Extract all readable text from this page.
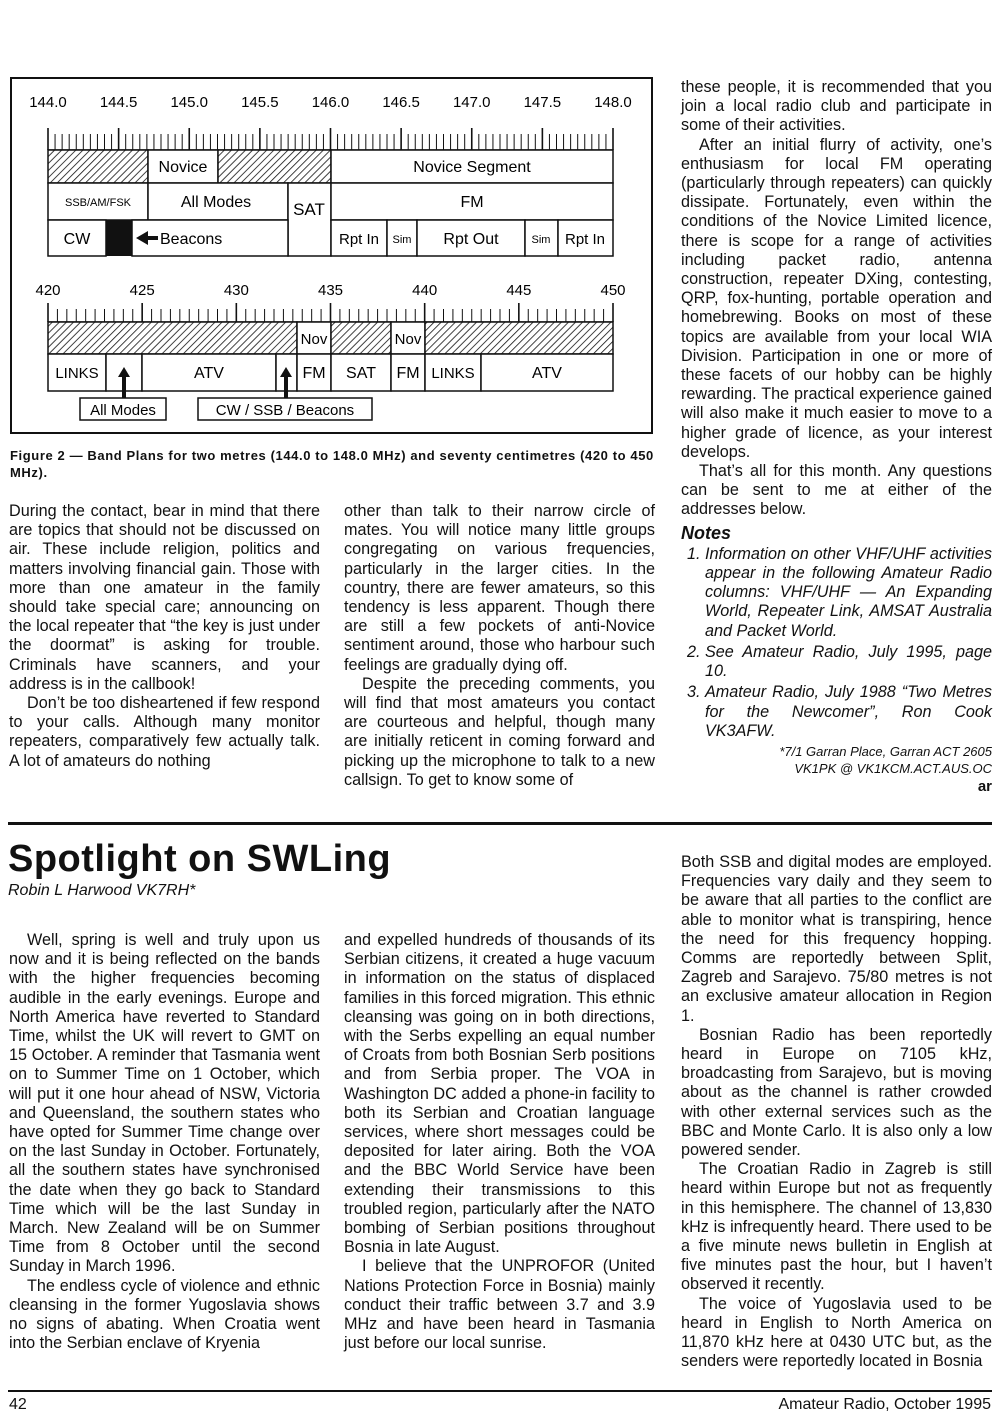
144.0 144.5 145.0 145.5 146.0 146.5 147.0 147.5 148.0
Novice	Novice Segment
SSB/AM/FSK	All Modes SAT	FM
CW	Beacons	Rpt In Sim Rpt Out	Sim Rpt In
420	425	430	435	440	445	450
Nov	Nov
LINKS	ATV	FM SAT FM LINKS	ATV
All Modes	CW / SSB / Beacons
Figure 2 — Band Plans for two metres (144.0 to 148.0 MHz) and seventy centimetres (420 to 450 MHz).

During the contact, bear in mind that there are topics that should not be discussed on air. These include religion, politics and matters involving financial gain. Those with more than one amateur in the family should take special care; announcing on the local repeater that “the key is just under the doormat” is asking for trouble. Criminals have scanners, and your address is in the callbook!

Don’t be too disheartened if few respond to your calls. Although many monitor repeaters, comparatively few actually talk. A lot of amateurs do nothing

other than talk to their narrow circle of mates. You will notice many little groups congregating on various frequencies, particularly in the larger cities. In the country, there are fewer amateurs, so this tendency is less apparent. Though there are still a few pockets of anti-Novice sentiment around, those who harbour such feelings are gradually dying off.

Despite the preceding comments, you will find that most amateurs you contact are courteous and helpful, though many are initially reticent in coming forward and picking up the microphone to talk to a new callsign. To get to know some of

these people, it is recommended that you join a local radio club and participate in some of their activities.

After an initial flurry of activity, one’s enthusiasm for local FM operating (particularly through repeaters) can quickly dissipate. Fortunately, even within the conditions of the Novice Limited licence, there is scope for a range of activities including packet radio, antenna construction, repeater DXing, contesting, QRP, fox-hunting, portable operation and homebrewing. Books on most of these topics are available from your local WIA Division. Participation in one or more of these facets of our hobby can be highly rewarding. The practical experience gained will also make it much easier to move to a higher grade of licence, as your interest develops.

That’s all for this month. Any questions can be sent to me at either of the addresses below.

Notes
1. Information on other VHF/UHF activities appear in the following Amateur Radio columns: VHF/UHF — An Expanding World, Repeater Link, AMSAT Australia and Packet World.
2. See Amateur Radio, July 1995, page 10.
3. Amateur Radio, July 1988 “Two Metres for the Newcomer”, Ron Cook VK3AFW.
*7/1 Garran Place, Garran ACT 2605
VK1PK @ VK1KCM.ACT.AUS.OC
ar
Spotlight on SWLing
Robin L Harwood VK7RH*

Well, spring is well and truly upon us now and it is being reflected on the bands with the higher frequencies becoming audible in the early evenings. Europe and North America have reverted to Standard Time, whilst the UK will revert to GMT on 15 October. A reminder that Tasmania went on to Summer Time on 1 October, which will put it one hour ahead of NSW, Victoria and Queensland, the southern states who have opted for Summer Time change over on the last Sunday in October. Fortunately, all the southern states have synchronised the date when they go back to Standard Time which will be the last Sunday in March. New Zealand will be on Summer Time from 8 October until the second Sunday in March 1996.

The endless cycle of violence and ethnic cleansing in the former Yugoslavia shows no signs of abating. When Croatia went into the Serbian enclave of Kryenia

and expelled hundreds of thousands of its Serbian citizens, it created a huge vacuum in information on the status of displaced families in this forced migration. This ethnic cleansing was going on in both directions, with the Serbs expelling an equal number of Croats from both Bosnian Serb positions and from Serbia proper. The VOA in Washington DC added a phone-in facility to both its Serbian and Croatian language services, where short messages could be deposited for later airing. Both the VOA and the BBC World Service have been extending their transmissions to this troubled region, particularly after the NATO bombing of Serbian positions throughout Bosnia in late August.

I believe that the UNPROFOR (United Nations Protection Force in Bosnia) mainly conduct their traffic between 3.7 and 3.9 MHz and have been heard in Tasmania just before our local sunrise.

Both SSB and digital modes are employed. Frequencies vary daily and they seem to be aware that all parties to the conflict are able to monitor what is transpiring, hence the need for this frequency hopping. Comms are reportedly between Split, Zagreb and Sarajevo. 75/80 metres is not an exclusive amateur allocation in Region 1.

Bosnian Radio has been reportedly heard in Europe on 7105 kHz, broadcasting from Sarajevo, but is moving about as the channel is rather crowded with other external services such as the BBC and Monte Carlo. It is also only a low powered sender.

The Croatian Radio in Zagreb is still heard within Europe but not as frequently in this hemisphere. The channel of 13,830 kHz is infrequently heard. There used to be a five minute news bulletin in English at five minutes past the hour, but I haven’t observed it recently.

The voice of Yugoslavia used to be heard in English to North America on 11,870 kHz here at 0430 UTC but, as the senders were reportedly located in Bosnia

42	Amateur Radio, October 1995
